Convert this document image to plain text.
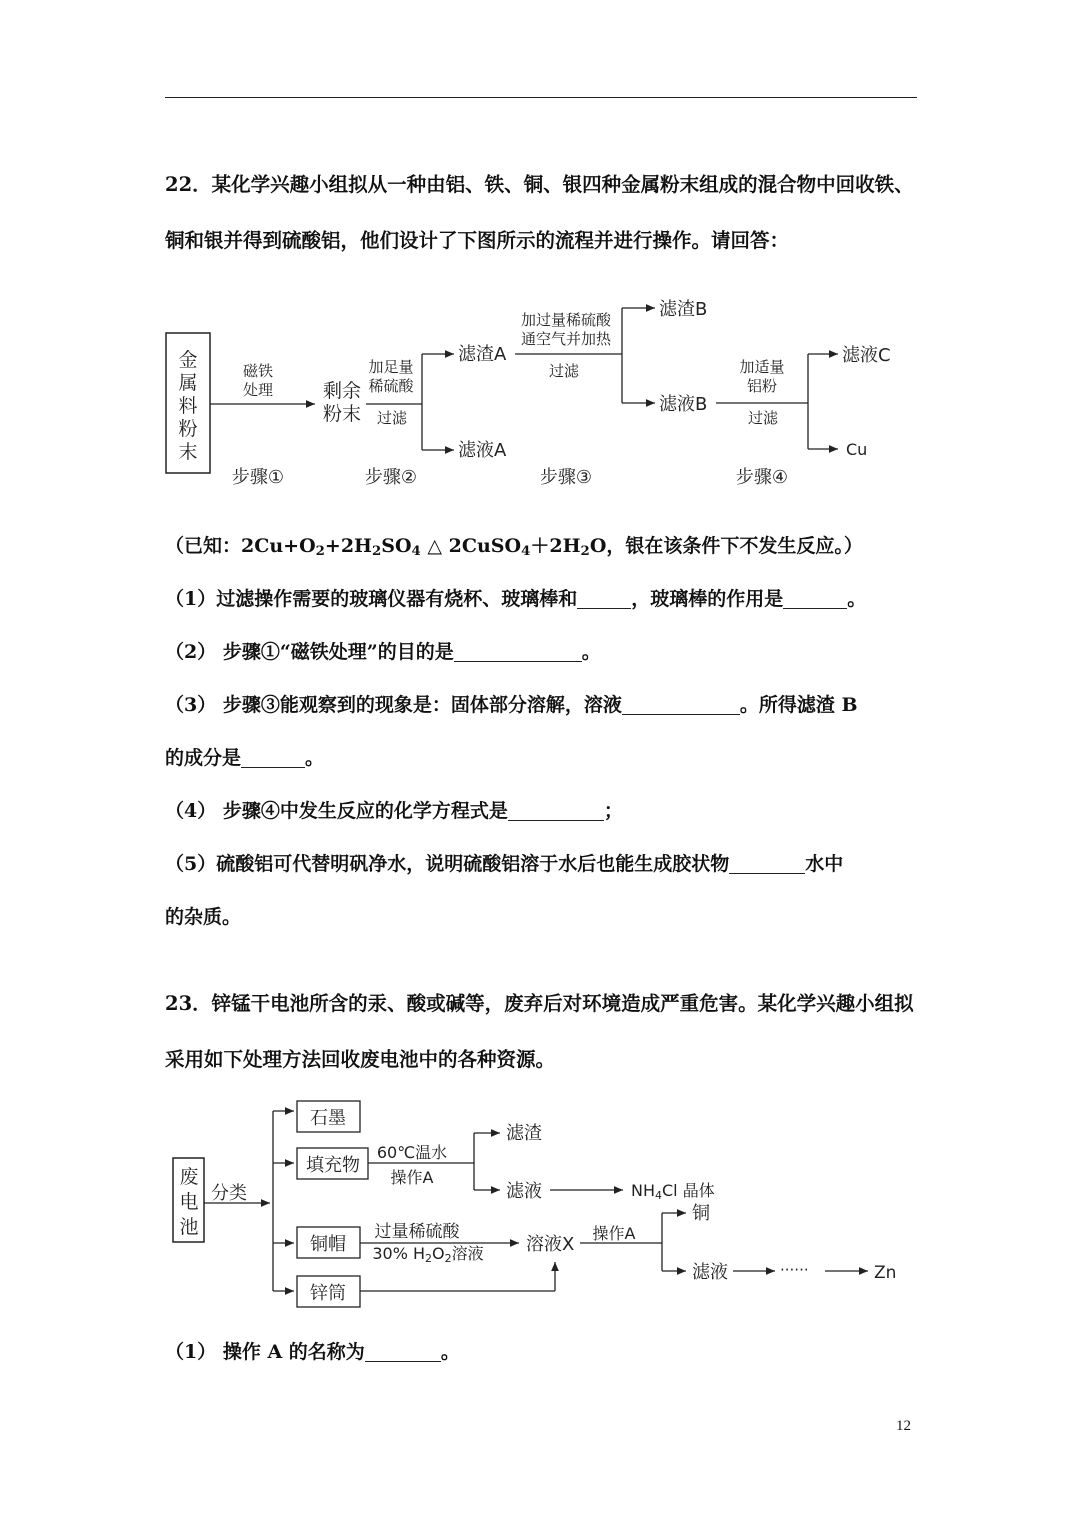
22．某化学兴趣小组拟从一种由铝、铁、铜、银四种金属粉末组成的混合物中回收铁、铜和银并得到硫酸铝，他们设计了下图所示的流程并进行操作。请回答：

金
属
料
粉
末
磁铁
处理	剩余
粉末
加足量
稀硫酸
过滤
滤渣A
滤液A
加过量稀硫酸
通空气并加热
过滤
滤渣B
滤液B
加适量
铝粉
过滤
滤液C
Cu
步骤①	步骤②	步骤③	步骤④

（已知：$2Cu+O_2+2H_2SO_4$ △ $2CuSO_4+2H_2O$，银在该条件下不发生反应。）

（1）过滤操作需要的玻璃仪器有烧杯、玻璃棒和	，玻璃棒的作用是	。

（2） 步骤①“磁铁处理”的目的是	。

（3） 步骤③能观察到的现象是：固体部分溶解，溶液	。所得滤渣 B

的成分是	。

（4） 步骤④中发生反应的化学方程式是	；

（5）硫酸铝可代替明矾净水，说明硫酸铝溶于水后也能生成胶状物	水中

的杂质。

23．锌锰干电池所含的汞、酸或碱等，废弃后对环境造成严重危害。某化学兴趣小组拟采用如下处理方法回收废电池中的各种资源。

废
电
池
分类
石墨
填充物
铜帽
锌筒
60℃温水
操作A
滤渣
滤液	NH4Cl 晶体
过量稀硫酸
30% H2O2溶液 溶液X
操作A
铜
滤液	······	Zn

（1） 操作 A 的名称为	。

12
